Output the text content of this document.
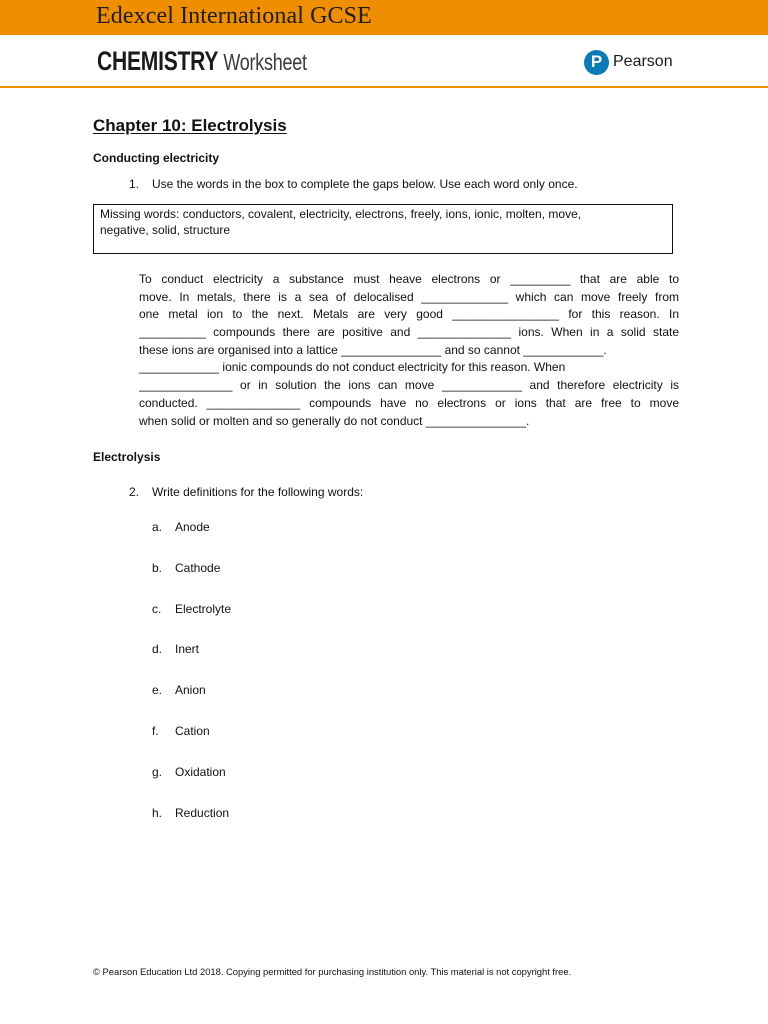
Edexcel International GCSE
CHEMISTRY Worksheet	P Pearson
Chapter 10: Electrolysis
Conducting electricity
1. Use the words in the box to complete the gaps below. Use each word only once.
Missing words: conductors, covalent, electricity, electrons, freely, ions, ionic, molten, move,
negative, solid, structure
To conduct electricity a substance must heave electrons or _________ that are able to
move. In metals, there is a sea of delocalised _____________ which can move freely from
one metal ion to the next. Metals are very good ________________ for this reason. In
__________ compounds there are positive and ______________ ions. When in a solid state
these ions are organised into a lattice _______________ and so cannot ____________.
____________ ionic compounds do not conduct electricity for this reason. When
______________ or in solution the ions can move ____________ and therefore electricity is
conducted. ______________ compounds have no electrons or ions that are free to move
when solid or molten and so generally do not conduct _______________.
Electrolysis
2. Write definitions for the following words:
a. Anode
b. Cathode
c. Electrolyte
d. Inert
e. Anion
f. Cation
g. Oxidation
h. Reduction
© Pearson Education Ltd 2018. Copying permitted for purchasing institution only. This material is not copyright free.
